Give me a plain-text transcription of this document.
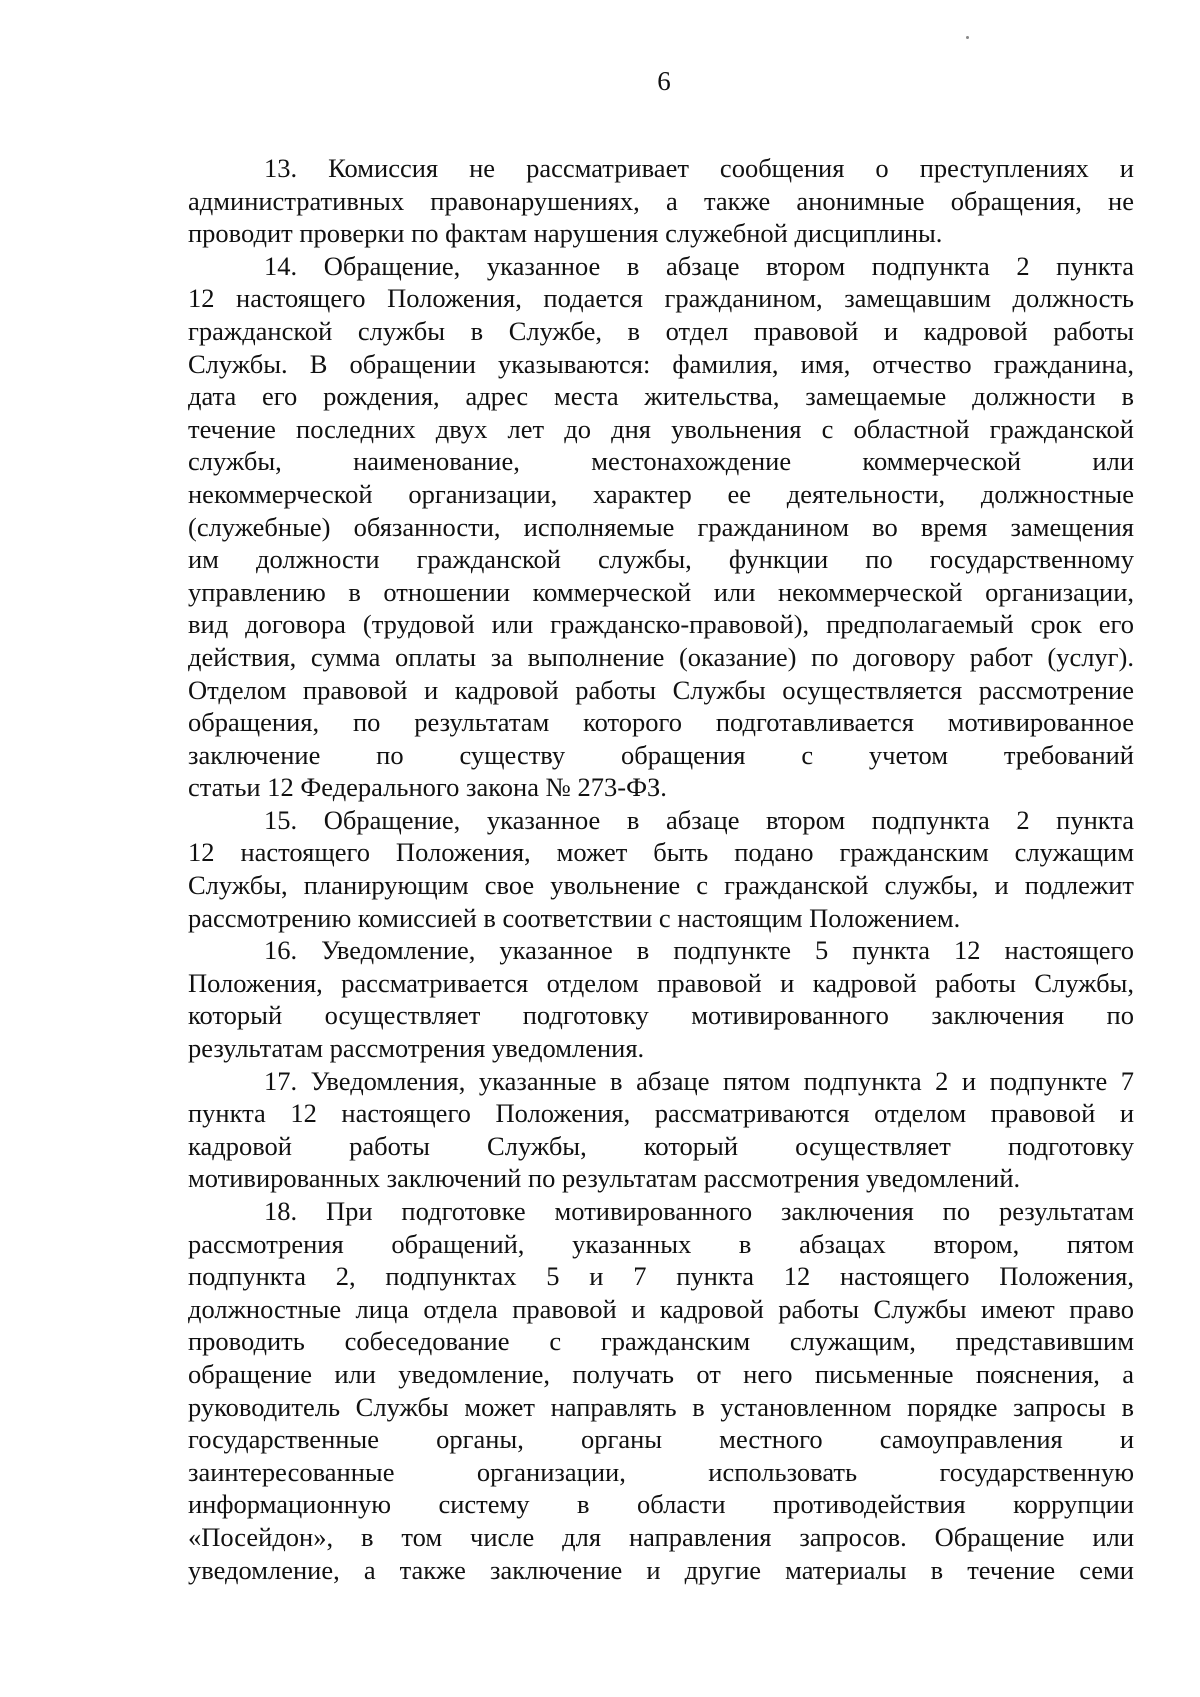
6
13. Комиссия не рассматривает сообщения о преступлениях и
административных правонарушениях, а также анонимные обращения, не
проводит проверки по фактам нарушения служебной дисциплины.
14. Обращение, указанное в абзаце втором подпункта 2 пункта
12 настоящего Положения, подается гражданином, замещавшим должность
гражданской службы в Службе, в отдел правовой и кадровой работы
Службы. В обращении указываются: фамилия, имя, отчество гражданина,
дата его рождения, адрес места жительства, замещаемые должности в
течение последних двух лет до дня увольнения с областной гражданской
службы, наименование, местонахождение коммерческой или
некоммерческой организации, характер ее деятельности, должностные
(служебные) обязанности, исполняемые гражданином во время замещения
им должности гражданской службы, функции по государственному
управлению в отношении коммерческой или некоммерческой организации,
вид договора (трудовой или гражданско-правовой), предполагаемый срок его
действия, сумма оплаты за выполнение (оказание) по договору работ (услуг).
Отделом правовой и кадровой работы Службы осуществляется рассмотрение
обращения, по результатам которого подготавливается мотивированное
заключение по существу обращения с учетом требований
статьи 12 Федерального закона № 273-ФЗ.
15. Обращение, указанное в абзаце втором подпункта 2 пункта
12 настоящего Положения, может быть подано гражданским служащим
Службы, планирующим свое увольнение с гражданской службы, и подлежит
рассмотрению комиссией в соответствии с настоящим Положением.
16. Уведомление, указанное в подпункте 5 пункта 12 настоящего
Положения, рассматривается отделом правовой и кадровой работы Службы,
который осуществляет подготовку мотивированного заключения по
результатам рассмотрения уведомления.
17. Уведомления, указанные в абзаце пятом подпункта 2 и подпункте 7
пункта 12 настоящего Положения, рассматриваются отделом правовой и
кадровой работы Службы, который осуществляет подготовку
мотивированных заключений по результатам рассмотрения уведомлений.
18. При подготовке мотивированного заключения по результатам
рассмотрения обращений, указанных в абзацах втором, пятом
подпункта 2, подпунктах 5 и 7 пункта 12 настоящего Положения,
должностные лица отдела правовой и кадровой работы Службы имеют право
проводить собеседование с гражданским служащим, представившим
обращение или уведомление, получать от него письменные пояснения, а
руководитель Службы может направлять в установленном порядке запросы в
государственные органы, органы местного самоуправления и
заинтересованные организации, использовать государственную
информационную систему в области противодействия коррупции
«Посейдон», в том числе для направления запросов. Обращение или
уведомление, а также заключение и другие материалы в течение семи
